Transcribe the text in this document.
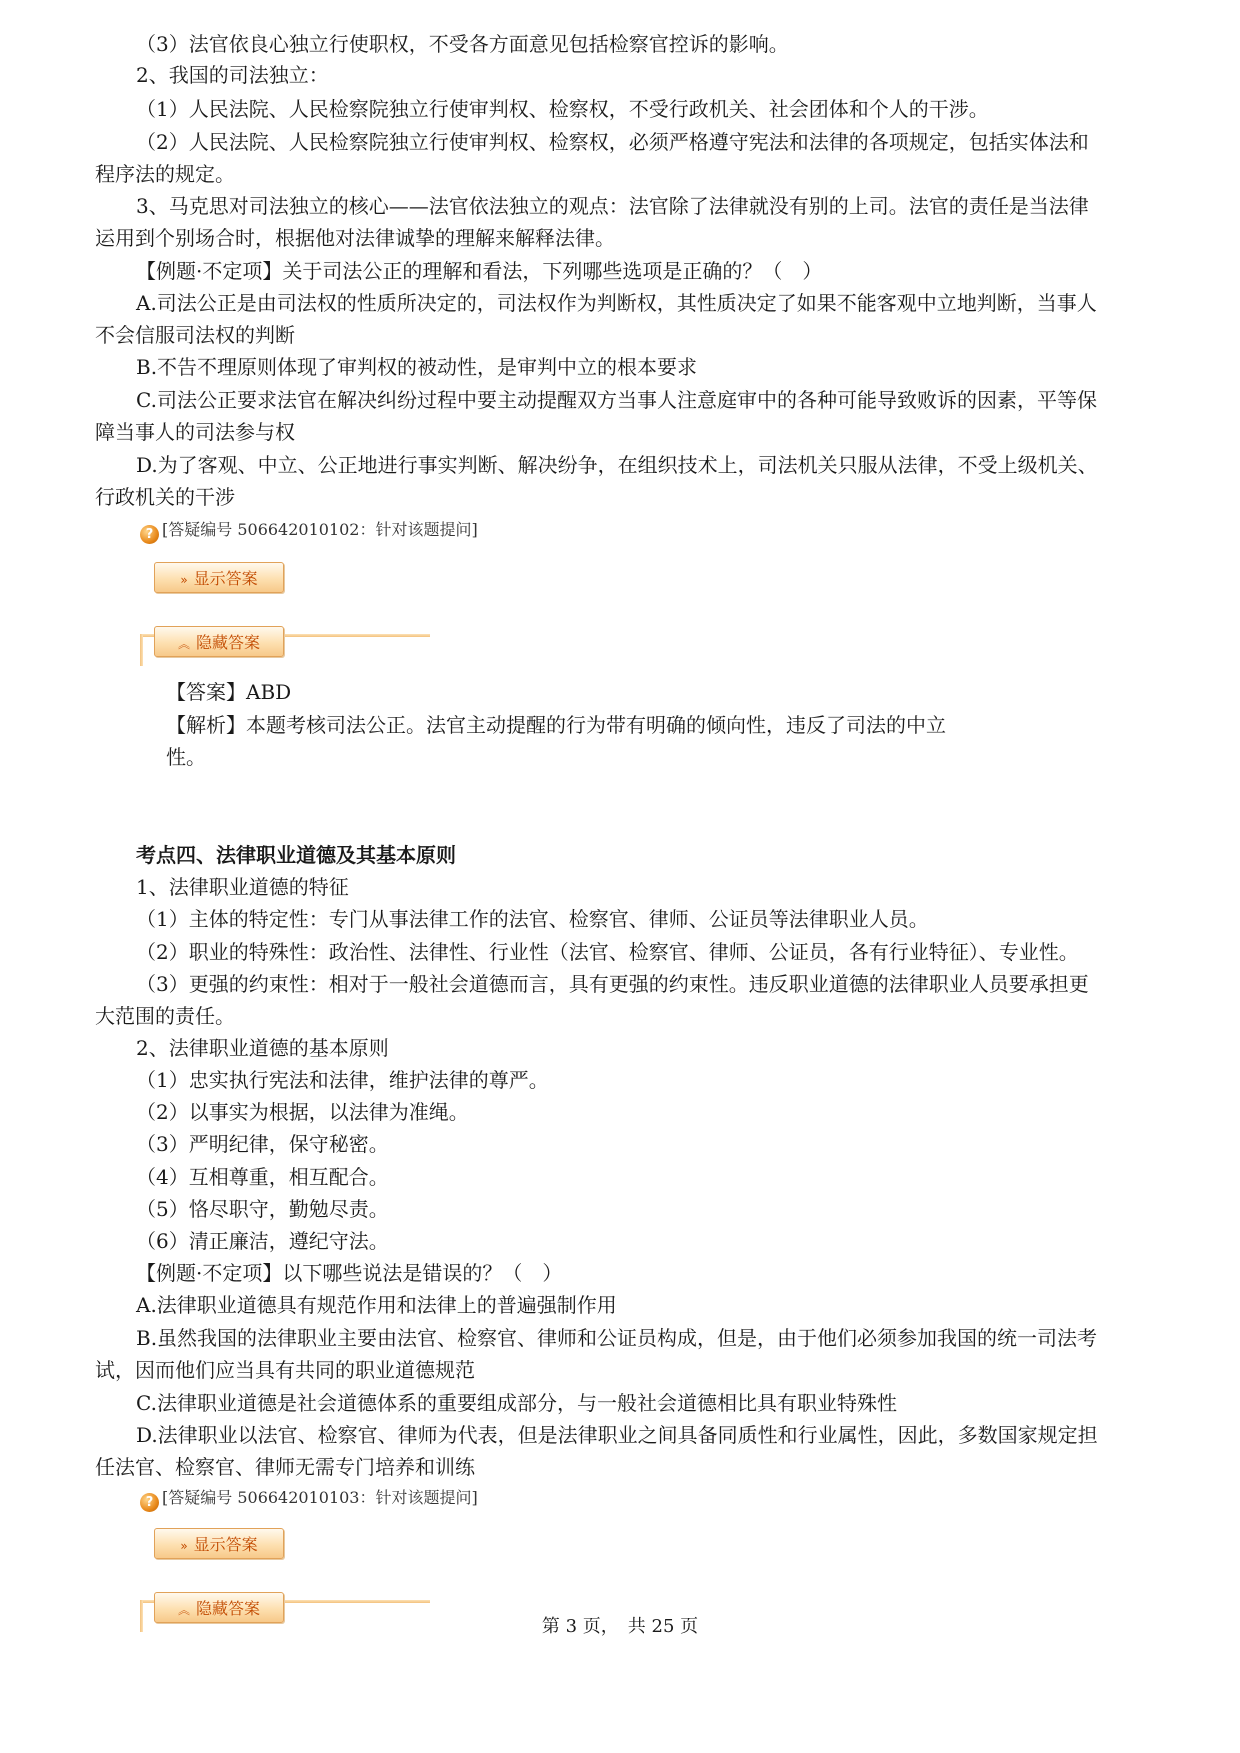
（3）法官依良心独立行使职权，不受各方面意见包括检察官控诉的影响。
2、我国的司法独立：
（1）人民法院、人民检察院独立行使审判权、检察权，不受行政机关、社会团体和个人的干涉。
（2）人民法院、人民检察院独立行使审判权、检察权，必须严格遵守宪法和法律的各项规定，包括实体法和
程序法的规定。
3、马克思对司法独立的核心——法官依法独立的观点：法官除了法律就没有别的上司。法官的责任是当法律
运用到个别场合时，根据他对法律诚挚的理解来解释法律。
【例题·不定项】关于司法公正的理解和看法，下列哪些选项是正确的？（　）
A.司法公正是由司法权的性质所决定的，司法权作为判断权，其性质决定了如果不能客观中立地判断，当事人
不会信服司法权的判断
B.不告不理原则体现了审判权的被动性，是审判中立的根本要求
C.司法公正要求法官在解决纠纷过程中要主动提醒双方当事人注意庭审中的各种可能导致败诉的因素，平等保
障当事人的司法参与权
D.为了客观、中立、公正地进行事实判断、解决纷争，在组织技术上，司法机关只服从法律，不受上级机关、
行政机关的干涉
? [答疑编号 506642010102：针对该题提问]
» 显示答案
︽ 隐藏答案
【答案】ABD
【解析】本题考核司法公正。法官主动提醒的行为带有明确的倾向性，违反了司法的中立
性。
考点四、法律职业道德及其基本原则
1、法律职业道德的特征
（1）主体的特定性：专门从事法律工作的法官、检察官、律师、公证员等法律职业人员。
（2）职业的特殊性：政治性、法律性、行业性（法官、检察官、律师、公证员，各有行业特征）、专业性。
（3）更强的约束性：相对于一般社会道德而言，具有更强的约束性。违反职业道德的法律职业人员要承担更
大范围的责任。
2、法律职业道德的基本原则
（1）忠实执行宪法和法律，维护法律的尊严。
（2）以事实为根据，以法律为准绳。
（3）严明纪律，保守秘密。
（4）互相尊重，相互配合。
（5）恪尽职守，勤勉尽责。
（6）清正廉洁，遵纪守法。
【例题·不定项】以下哪些说法是错误的？（　）
A.法律职业道德具有规范作用和法律上的普遍强制作用
B.虽然我国的法律职业主要由法官、检察官、律师和公证员构成，但是，由于他们必须参加我国的统一司法考
试，因而他们应当具有共同的职业道德规范
C.法律职业道德是社会道德体系的重要组成部分，与一般社会道德相比具有职业特殊性
D.法律职业以法官、检察官、律师为代表，但是法律职业之间具备同质性和行业属性，因此，多数国家规定担
任法官、检察官、律师无需专门培养和训练
? [答疑编号 506642010103：针对该题提问]
» 显示答案
︽ 隐藏答案
第 3 页，　共 25 页
